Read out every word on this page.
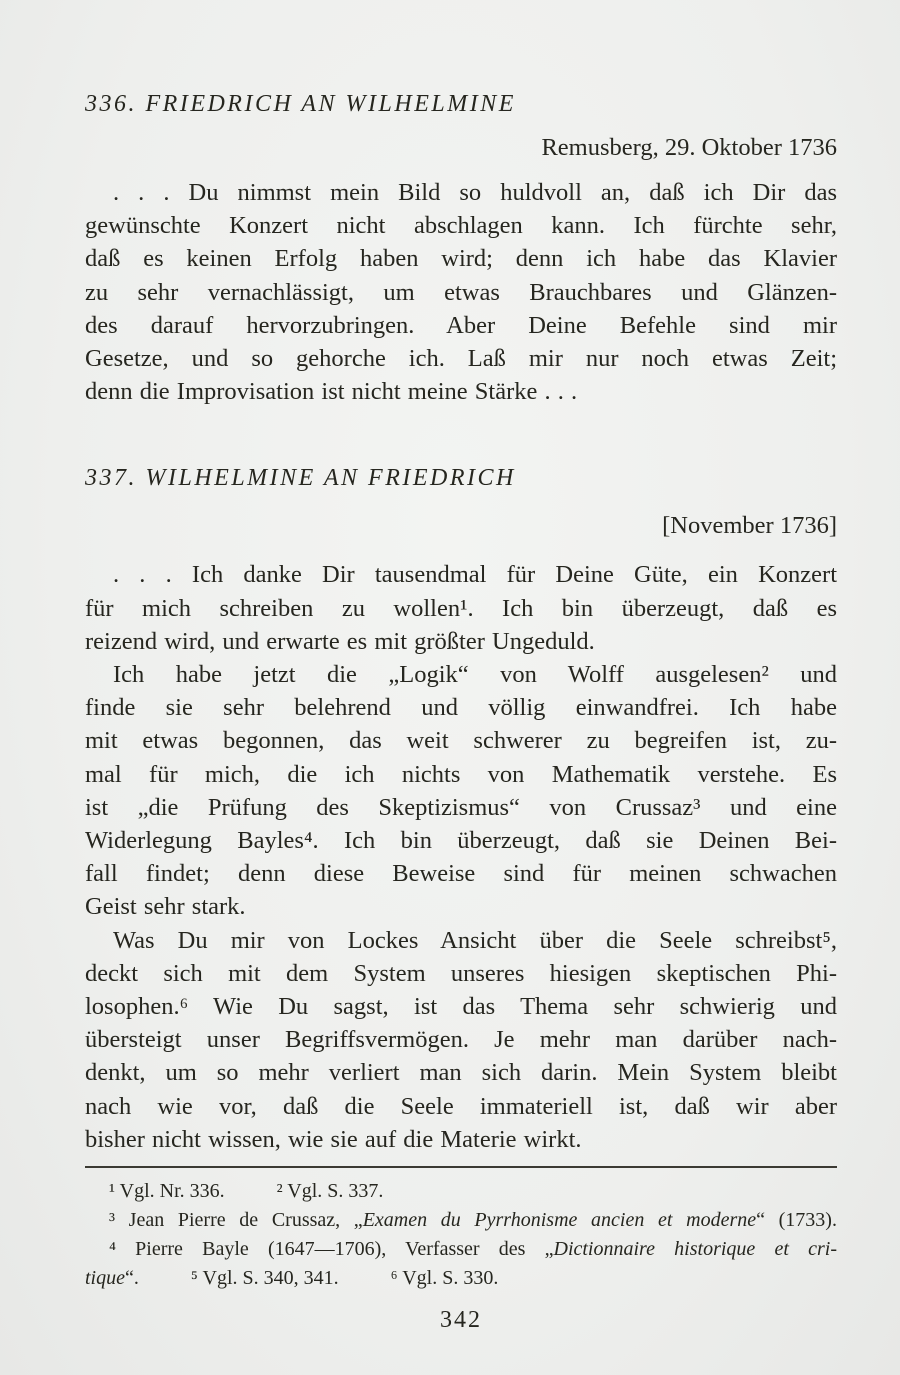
336. FRIEDRICH AN WILHELMINE
Remusberg, 29. Oktober 1736
. . . Du nimmst mein Bild so huldvoll an, daß ich Dir das
gewünschte Konzert nicht abschlagen kann. Ich fürchte sehr,
daß es keinen Erfolg haben wird; denn ich habe das Klavier
zu sehr vernachlässigt, um etwas Brauchbares und Glänzen-
des darauf hervorzubringen. Aber Deine Befehle sind mir
Gesetze, und so gehorche ich. Laß mir nur noch etwas Zeit;
denn die Improvisation ist nicht meine Stärke . . .
337. WILHELMINE AN FRIEDRICH
[November 1736]
. . . Ich danke Dir tausendmal für Deine Güte, ein Konzert
für mich schreiben zu wollen¹. Ich bin überzeugt, daß es
reizend wird, und erwarte es mit größter Ungeduld.
Ich habe jetzt die „Logik“ von Wolff ausgelesen² und
finde sie sehr belehrend und völlig einwandfrei. Ich habe
mit etwas begonnen, das weit schwerer zu begreifen ist, zu-
mal für mich, die ich nichts von Mathematik verstehe. Es
ist „die Prüfung des Skeptizismus“ von Crussaz³ und eine
Widerlegung Bayles⁴. Ich bin überzeugt, daß sie Deinen Bei-
fall findet; denn diese Beweise sind für meinen schwachen
Geist sehr stark.
Was Du mir von Lockes Ansicht über die Seele schreibst⁵,
deckt sich mit dem System unseres hiesigen skeptischen Phi-
losophen.⁶ Wie Du sagst, ist das Thema sehr schwierig und
übersteigt unser Begriffsvermögen. Je mehr man darüber nach-
denkt, um so mehr verliert man sich darin. Mein System bleibt
nach wie vor, daß die Seele immateriell ist, daß wir aber
bisher nicht wissen, wie sie auf die Materie wirkt.
¹ Vgl. Nr. 336.	² Vgl. S. 337.
³ Jean Pierre de Crussaz, „Examen du Pyrrhonisme ancien et moderne“ (1733).
⁴ Pierre Bayle (1647—1706), Verfasser des „Dictionnaire historique et cri-
tique“.	⁵ Vgl. S. 340, 341.	⁶ Vgl. S. 330.
342
